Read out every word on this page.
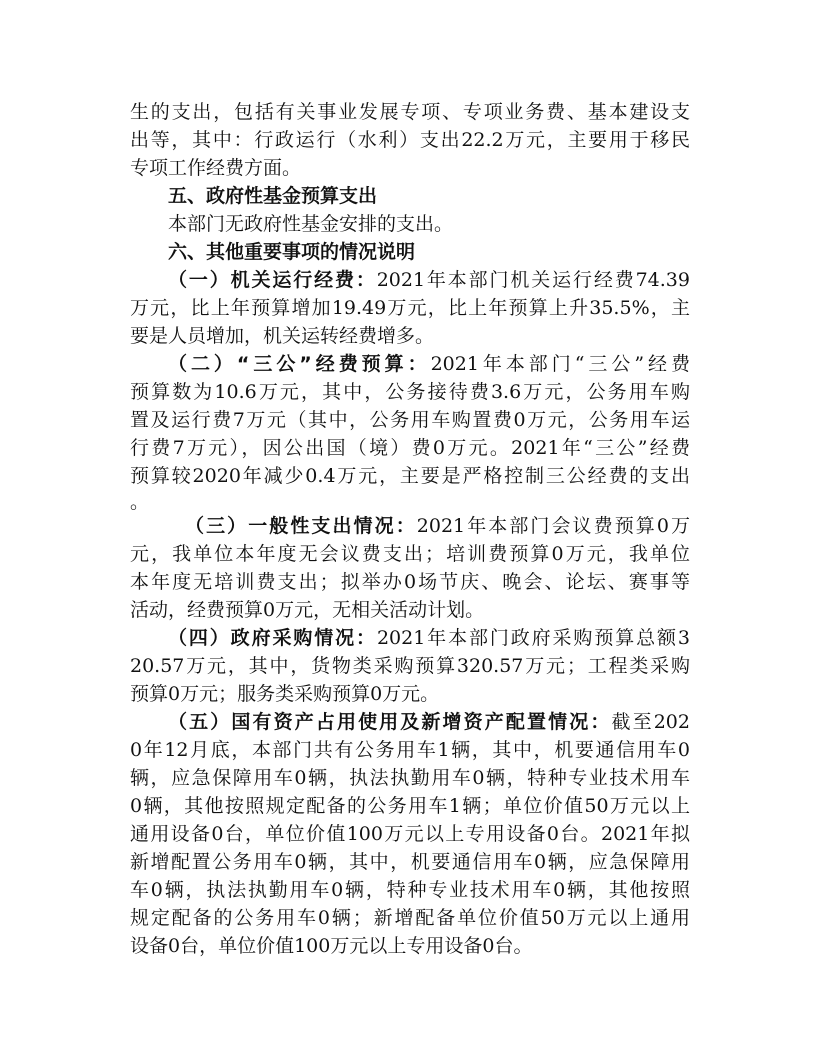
生的支出，包括有关事业发展专项、专项业务费、基本建设支
出等，其中：行政运行（水利）支出22.2万元，主要用于移民
专项工作经费方面。
五、政府性基金预算支出
本部门无政府性基金安排的支出。
六、其他重要事项的情况说明
（一）机关运行经费：2021年本部门机关运行经费74.39
万元，比上年预算增加19.49万元，比上年预算上升35.5%，主
要是人员增加，机关运转经费增多。
（二）“三公”经费预算：2021年本部门“三公”经费
预算数为10.6万元，其中，公务接待费3.6万元，公务用车购
置及运行费7万元（其中，公务用车购置费0万元，公务用车运
行费7万元），因公出国（境）费0万元。2021年“三公”经费
预算较2020年减少0.4万元，主要是严格控制三公经费的支出
。
（三）一般性支出情况：2021年本部门会议费预算0万
元，我单位本年度无会议费支出；培训费预算0万元，我单位
本年度无培训费支出；拟举办0场节庆、晚会、论坛、赛事等
活动，经费预算0万元，无相关活动计划。
（四）政府采购情况：2021年本部门政府采购预算总额3
20.57万元，其中，货物类采购预算320.57万元；工程类采购
预算0万元；服务类采购预算0万元。
（五）国有资产占用使用及新增资产配置情况：截至202
0年12月底，本部门共有公务用车1辆，其中，机要通信用车0
辆，应急保障用车0辆，执法执勤用车0辆，特种专业技术用车
0辆，其他按照规定配备的公务用车1辆；单位价值50万元以上
通用设备0台，单位价值100万元以上专用设备0台。2021年拟
新增配置公务用车0辆，其中，机要通信用车0辆，应急保障用
车0辆，执法执勤用车0辆，特种专业技术用车0辆，其他按照
规定配备的公务用车0辆；新增配备单位价值50万元以上通用
设备0台，单位价值100万元以上专用设备0台。
